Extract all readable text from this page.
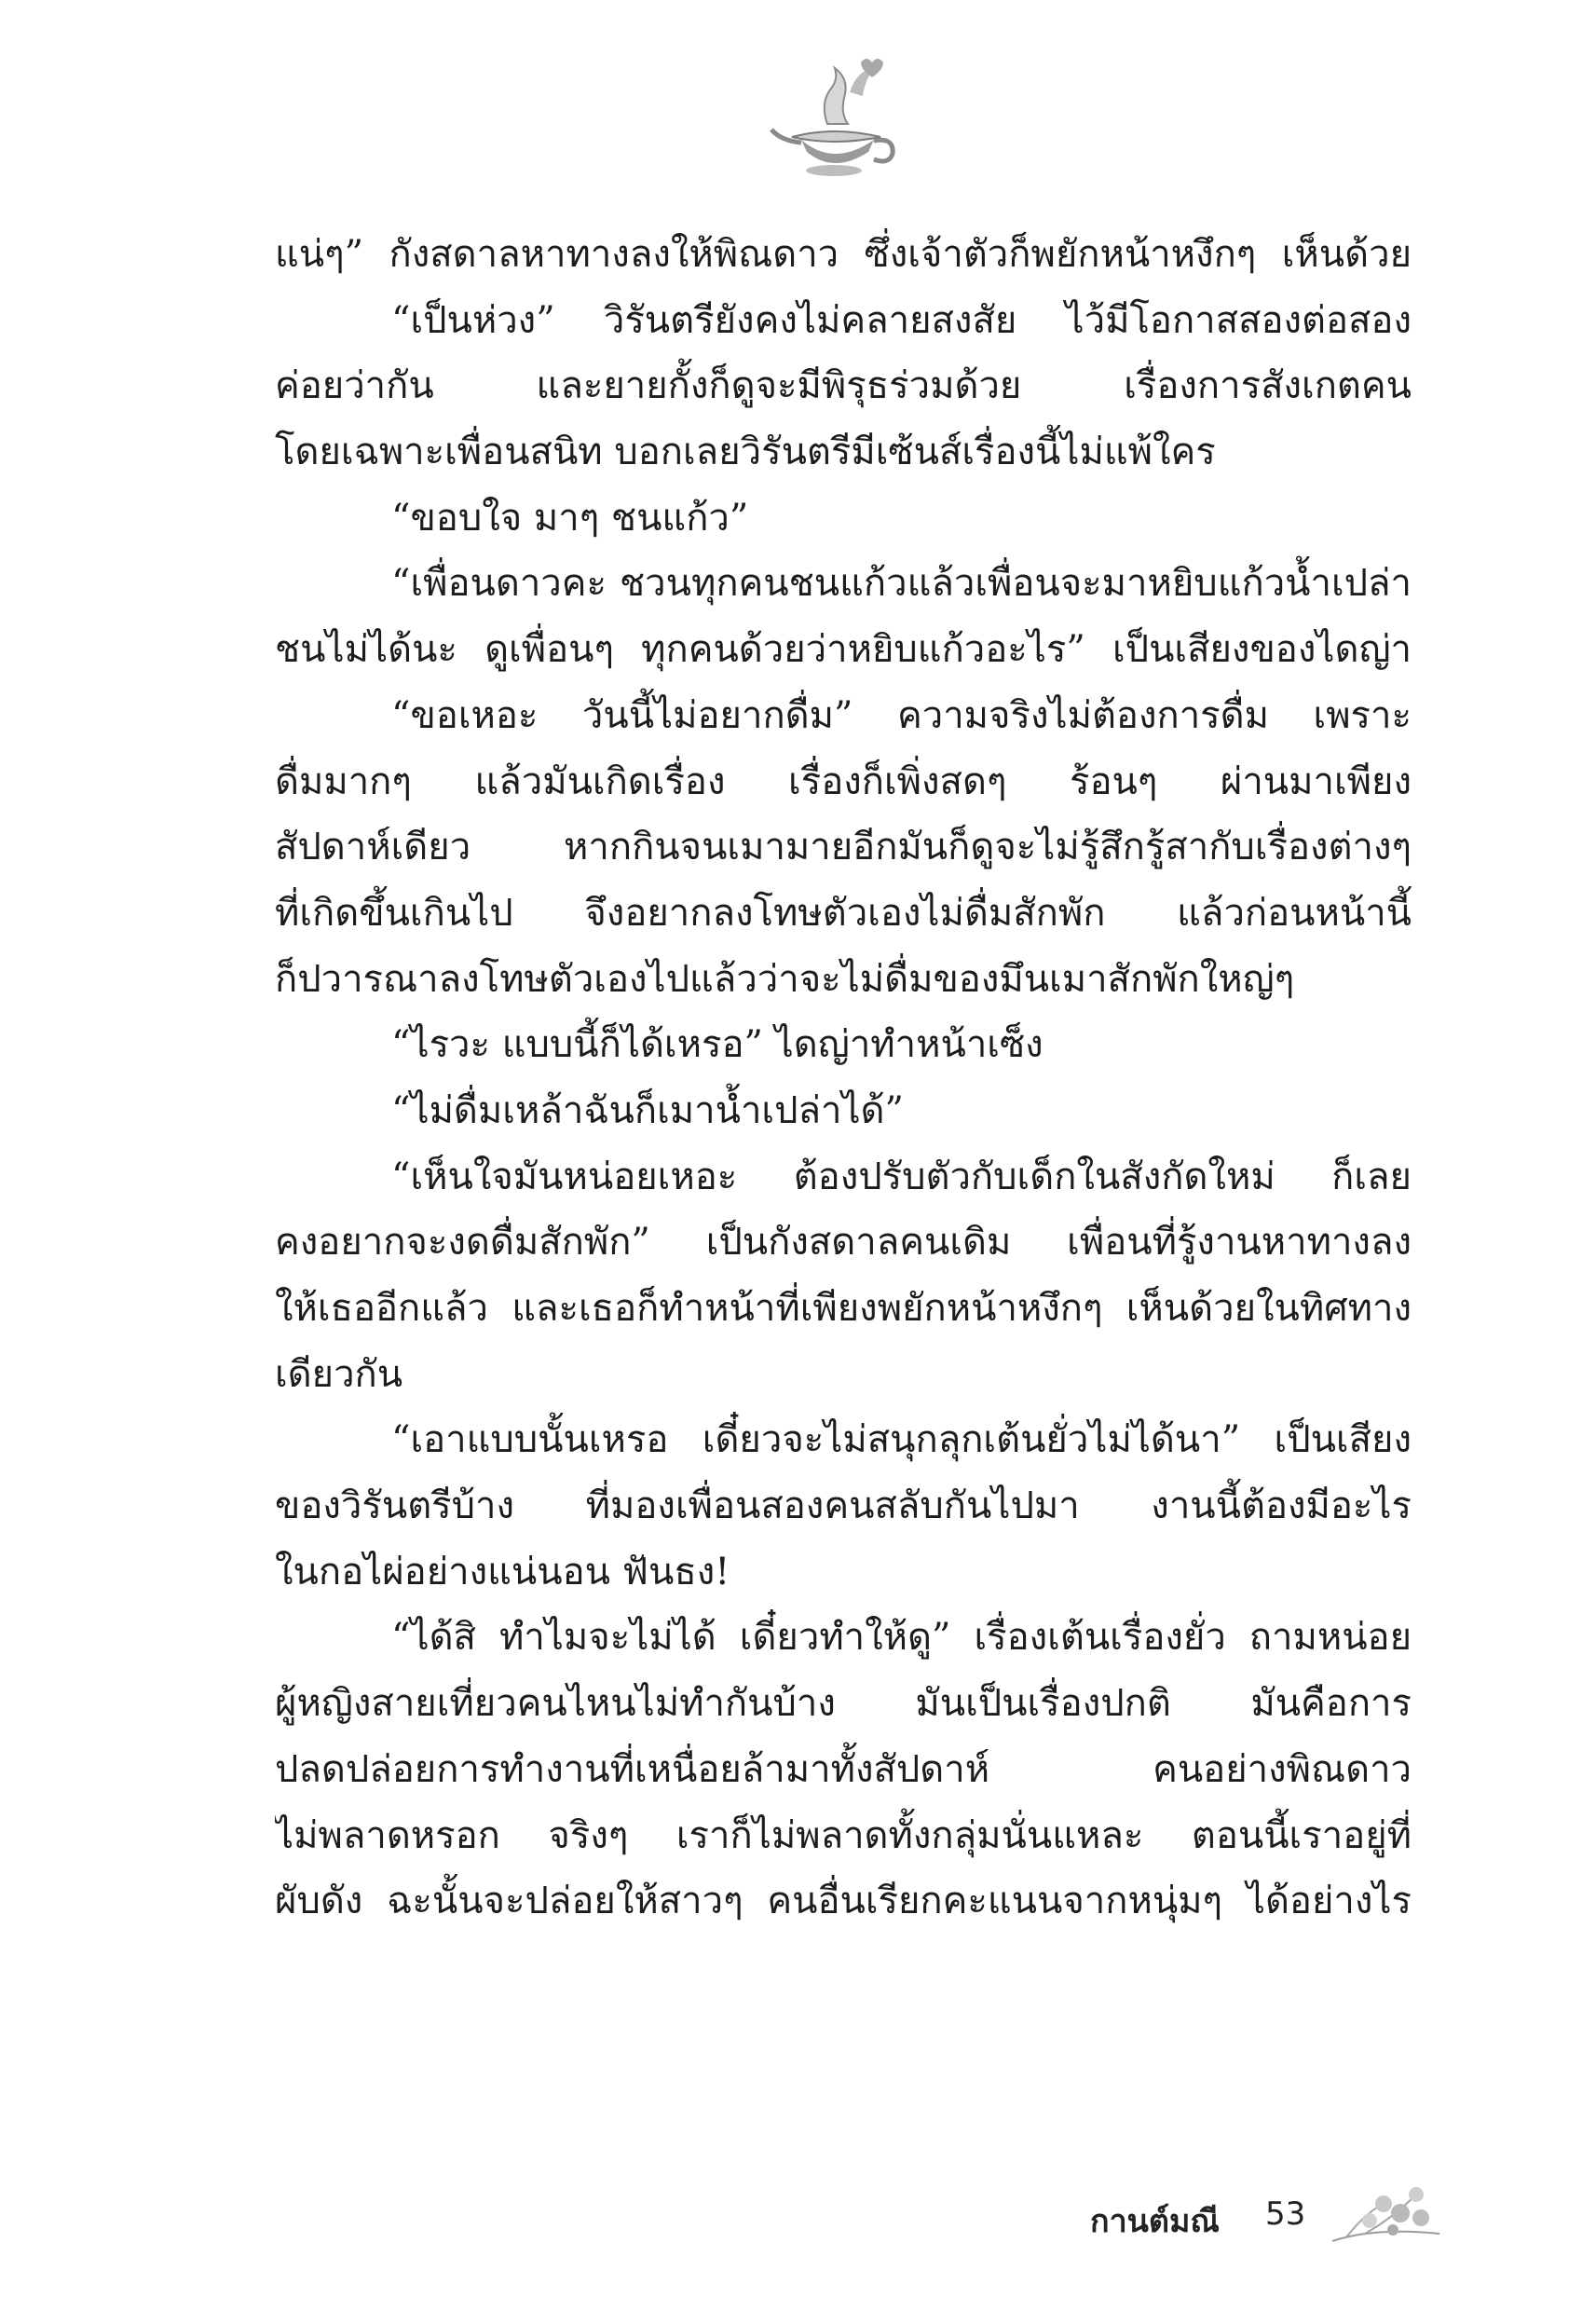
แน่ๆ” กังสดาลหาทางลงให้พิณดาว ซึ่งเจ้าตัวก็พยักหน้าหงึกๆ เห็นด้วย
“เป็นห่วง” วิรันตรียังคงไม่คลายสงสัย ไว้มีโอกาสสองต่อสอง
ค่อยว่ากัน และยายกั้งก็ดูจะมีพิรุธร่วมด้วย เรื่องการสังเกตคน
โดยเฉพาะเพื่อนสนิท บอกเลยวิรันตรีมีเซ้นส์เรื่องนี้ไม่แพ้ใคร
“ขอบใจ มาๆ ชนแก้ว”
“เพื่อนดาวคะ ชวนทุกคนชนแก้วแล้วเพื่อนจะมาหยิบแก้วน้ำเปล่า
ชนไม่ได้นะ ดูเพื่อนๆ ทุกคนด้วยว่าหยิบแก้วอะไร” เป็นเสียงของไดญ่า
“ขอเหอะ วันนี้ไม่อยากดื่ม” ความจริงไม่ต้องการดื่ม เพราะ
ดื่มมากๆ แล้วมันเกิดเรื่อง เรื่องก็เพิ่งสดๆ ร้อนๆ ผ่านมาเพียง
สัปดาห์เดียว หากกินจนเมามายอีกมันก็ดูจะไม่รู้สึกรู้สากับเรื่องต่างๆ
ที่เกิดขึ้นเกินไป จึงอยากลงโทษตัวเองไม่ดื่มสักพัก แล้วก่อนหน้านี้
ก็ปวารณาลงโทษตัวเองไปแล้วว่าจะไม่ดื่มของมึนเมาสักพักใหญ่ๆ
“ไรวะ แบบนี้ก็ได้เหรอ” ไดญ่าทำหน้าเซ็ง
“ไม่ดื่มเหล้าฉันก็เมาน้ำเปล่าได้”
“เห็นใจมันหน่อยเหอะ ต้องปรับตัวกับเด็กในสังกัดใหม่ ก็เลย
คงอยากจะงดดื่มสักพัก” เป็นกังสดาลคนเดิม เพื่อนที่รู้งานหาทางลง
ให้เธออีกแล้ว และเธอก็ทำหน้าที่เพียงพยักหน้าหงึกๆ เห็นด้วยในทิศทาง
เดียวกัน
“เอาแบบนั้นเหรอ เดี๋ยวจะไม่สนุกลุกเต้นยั่วไม่ได้นา” เป็นเสียง
ของวิรันตรีบ้าง ที่มองเพื่อนสองคนสลับกันไปมา งานนี้ต้องมีอะไร
ในกอไผ่อย่างแน่นอน ฟันธง!
“ได้สิ ทำไมจะไม่ได้ เดี๋ยวทำให้ดู” เรื่องเต้นเรื่องยั่ว ถามหน่อย
ผู้หญิงสายเที่ยวคนไหนไม่ทำกันบ้าง มันเป็นเรื่องปกติ มันคือการ
ปลดปล่อยการทำงานที่เหนื่อยล้ามาทั้งสัปดาห์ คนอย่างพิณดาว
ไม่พลาดหรอก จริงๆ เราก็ไม่พลาดทั้งกลุ่มนั่นแหละ ตอนนี้เราอยู่ที่
ผับดัง ฉะนั้นจะปล่อยให้สาวๆ คนอื่นเรียกคะแนนจากหนุ่มๆ ได้อย่างไร
กานต์มณี 53
